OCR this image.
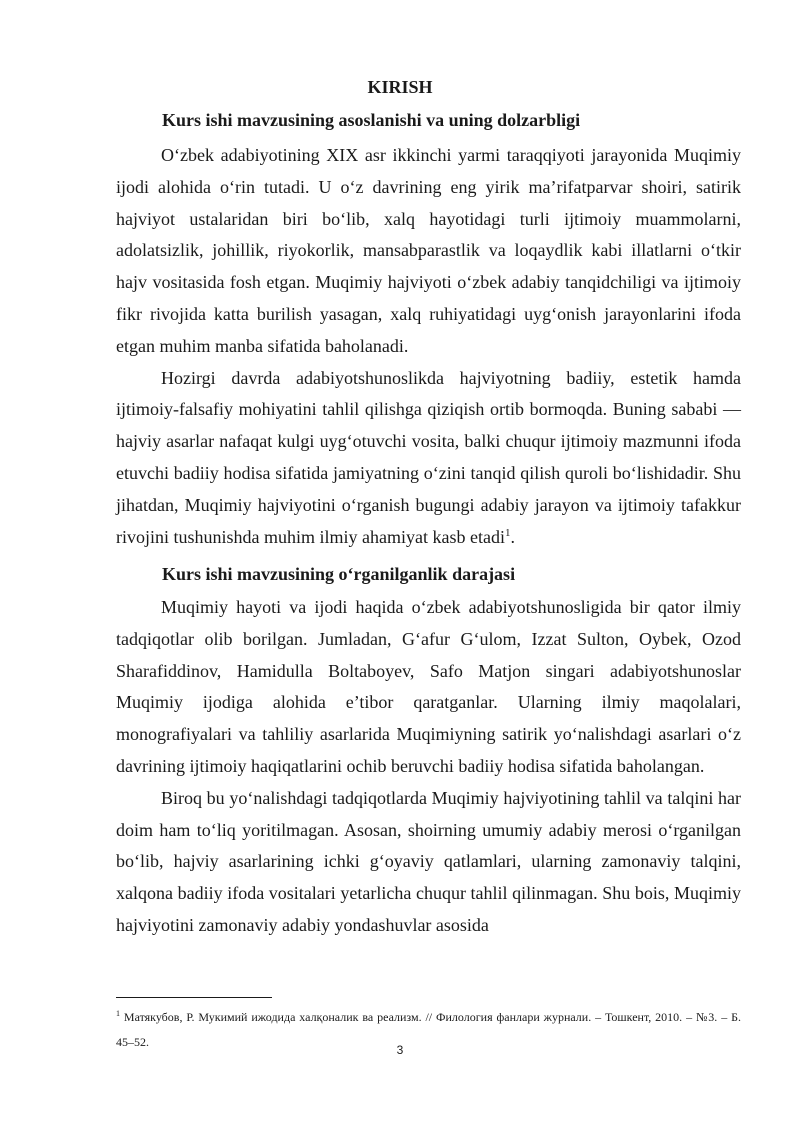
KIRISH
Kurs ishi mavzusining asoslanishi va uning dolzarbligi

O‘zbek adabiyotining XIX asr ikkinchi yarmi taraqqiyoti jarayonida Muqimiy ijodi alohida o‘rin tutadi. U o‘z davrining eng yirik ma’rifatparvar shoiri, satirik hajviyot ustalaridan biri bo‘lib, xalq hayotidagi turli ijtimoiy muammolarni, adolatsizlik, johillik, riyokorlik, mansabparastlik va loqaydlik kabi illatlarni o‘tkir hajv vositasida fosh etgan. Muqimiy hajviyoti o‘zbek adabiy tanqidchiligi va ijtimoiy fikr rivojida katta burilish yasagan, xalq ruhiyatidagi uyg‘onish jarayonlarini ifoda etgan muhim manba sifatida baholanadi.

Hozirgi davrda adabiyotshunoslikda hajviyotning badiiy, estetik hamda ijtimoiy-falsafiy mohiyatini tahlil qilishga qiziqish ortib bormoqda. Buning sababi — hajviy asarlar nafaqat kulgi uyg‘otuvchi vosita, balki chuqur ijtimoiy mazmunni ifoda etuvchi badiiy hodisa sifatida jamiyatning o‘zini tanqid qilish quroli bo‘lishidadir. Shu jihatdan, Muqimiy hajviyotini o‘rganish bugungi adabiy jarayon va ijtimoiy tafakkur rivojini tushunishda muhim ilmiy ahamiyat kasb etadi$^1$.

Kurs ishi mavzusining o‘rganilganlik darajasi

Muqimiy hayoti va ijodi haqida o‘zbek adabiyotshunosligida bir qator ilmiy tadqiqotlar olib borilgan. Jumladan, G‘afur G‘ulom, Izzat Sulton, Oybek, Ozod Sharafiddinov, Hamidulla Boltaboyev, Safo Matjon singari adabiyotshunoslar Muqimiy ijodiga alohida e’tibor qaratganlar. Ularning ilmiy maqolalari, monografiyalari va tahliliy asarlarida Muqimiyning satirik yo‘nalishdagi asarlari o‘z davrining ijtimoiy haqiqatlarini ochib beruvchi badiiy hodisa sifatida baholangan.

Biroq bu yo‘nalishdagi tadqiqotlarda Muqimiy hajviyotining tahlil va talqini har doim ham to‘liq yoritilmagan. Asosan, shoirning umumiy adabiy merosi o‘rganilgan bo‘lib, hajviy asarlarining ichki g‘oyaviy qatlamlari, ularning zamonaviy talqini, xalqona badiiy ifoda vositalari yetarlicha chuqur tahlil qilinmagan. Shu bois, Muqimiy hajviyotini zamonaviy adabiy yondashuvlar asosida

$^1$ Матякубов, Р. Мукимий ижодида халқоналик ва реализм. // Филология фанлари журнали. – Тошкент, 2010. – №3. – Б. 45–52.
3
